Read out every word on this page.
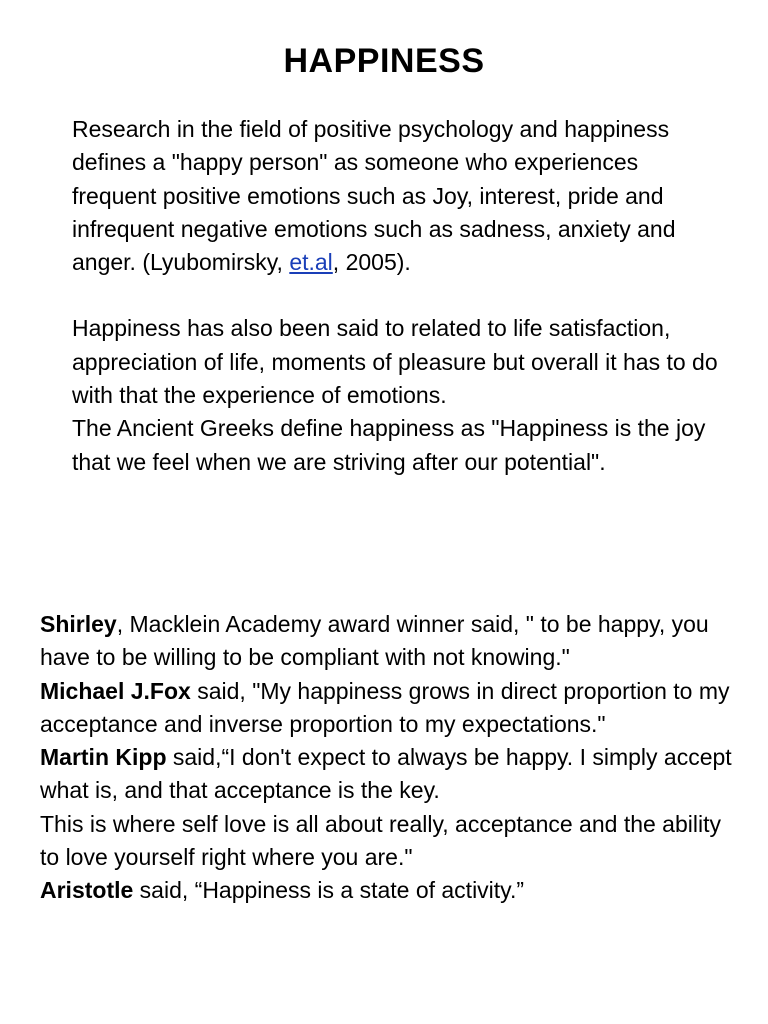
HAPPINESS

Research in the field of positive psychology and happiness defines a "happy person" as someone who experiences frequent positive emotions such as Joy, interest, pride and infrequent negative emotions such as sadness, anxiety and anger. (Lyubomirsky, et.al, 2005).

Happiness has also been said to related to life satisfaction, appreciation of life, moments of pleasure but overall it has to do with that the experience of emotions.

The Ancient Greeks define happiness as "Happiness is the joy that we feel when we are striving after our potential".

Shirley, Macklein Academy award winner said, " to be happy, you have to be willing to be compliant with not knowing."

Michael J.Fox said, "My happiness grows in direct proportion to my acceptance and inverse proportion to my expectations."

Martin Kipp said,“I don't expect to always be happy. I simply accept what is, and that acceptance is the key.

This is where self love is all about really, acceptance and the ability to love yourself right where you are."

Aristotle said, “Happiness is a state of activity.”
